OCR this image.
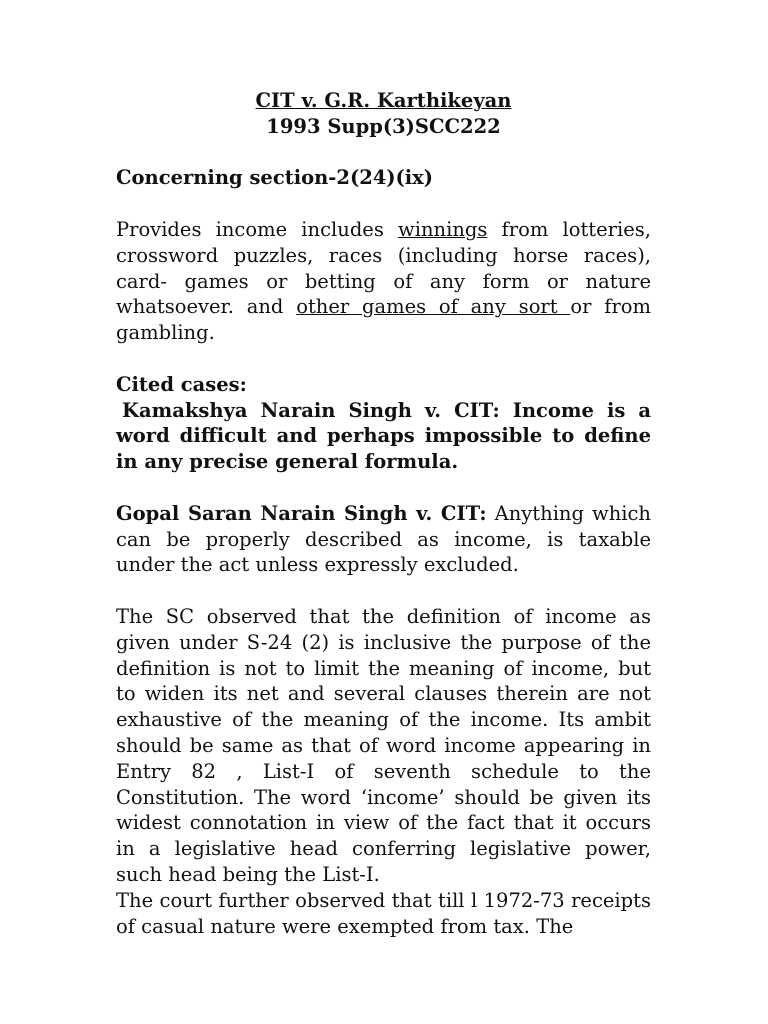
CIT v. G.R. Karthikeyan
1993 Supp(3)SCC222
Concerning section-2(24)(ix)
Provides income includes winnings from lotteries, crossword puzzles, races (including horse races), card- games or betting of any form or nature whatsoever. and other games of any sort or from gambling.
Cited cases:
Kamakshya Narain Singh v. CIT: Income is a word difficult and perhaps impossible to define in any precise general formula.
Gopal Saran Narain Singh v. CIT: Anything which can be properly described as income, is taxable under the act unless expressly excluded.
The SC observed that the definition of income as given under S-24 (2) is inclusive the purpose of the definition is not to limit the meaning of income, but to widen its net and several clauses therein are not exhaustive of the meaning of the income. Its ambit should be same as that of word income appearing in Entry 82 , List-I of seventh schedule to the Constitution. The word ‘income’ should be given its widest connotation in view of the fact that it occurs in a legislative head conferring legislative power, such head being the List-I.
The court further observed that till l 1972-73 receipts of casual nature were exempted from tax. The
